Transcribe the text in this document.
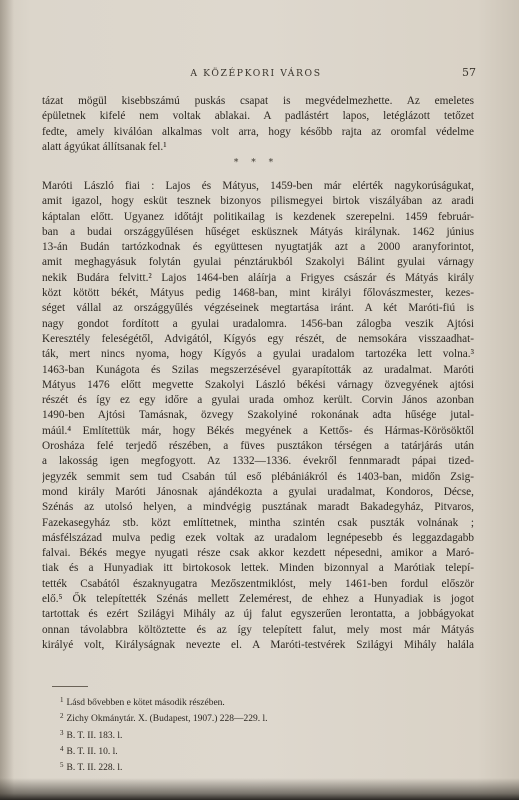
A KÖZÉPKORI VÁROS	57
tázat mögül kisebbszámú puskás csapat is megvédelmezhette. Az emeletes
épületnek kifelé nem voltak ablakai. A padlástért lapos, letéglázott tetőzet
fedte, amely kiválóan alkalmas volt arra, hogy később rajta az oromfal védelme
alatt ágyúkat állítsanak fel.¹
* * *
Maróti László fiai : Lajos és Mátyus, 1459-ben már elérték nagykorúságukat,
amit igazol, hogy esküt tesznek bizonyos pilismegyei birtok viszályában az aradi
káptalan előtt. Ugyanez időtájt politikailag is kezdenek szerepelni. 1459 február-
ban a budai országgyűlésen hűséget esküsznek Mátyás királynak. 1462 június
13-án Budán tartózkodnak és együttesen nyugtatják azt a 2000 aranyforintot,
amit meghagyásuk folytán gyulai pénztárukból Szakolyi Bálint gyulai várnagy
nekik Budára felvitt.² Lajos 1464-ben aláírja a Frigyes császár és Mátyás király
közt kötött békét, Mátyus pedig 1468-ban, mint királyi főlovászmester, kezes-
séget vállal az országgyűlés végzéseinek megtartása iránt. A két Maróti-fiú is
nagy gondot fordított a gyulai uradalomra. 1456-ban zálogba veszik Ajtósi
Keresztély feleségétől, Advigától, Kígyós egy részét, de nemsokára visszaadhat-
ták, mert nincs nyoma, hogy Kígyós a gyulai uradalom tartozéka lett volna.³
1463-ban Kunágota és Szilas megszerzésével gyarapították az uradalmat. Maróti
Mátyus 1476 előtt megvette Szakolyi László békési várnagy özvegyének ajtósi
részét és így ez egy időre a gyulai urada omhoz került. Corvin János azonban
1490-ben Ajtósi Tamásnak, özvegy Szakolyiné rokonának adta hűsége jutal-
máúl.⁴ Említettük már, hogy Békés megyének a Kettős- és Hármas-Körösöktől
Orosháza felé terjedő részében, a füves pusztákon térségen a tatárjárás után
a lakosság igen megfogyott. Az 1332—1336. évekről fennmaradt pápai tized-
jegyzék semmit sem tud Csabán túl eső plébániákról és 1403-ban, midőn Zsig-
mond király Maróti Jánosnak ajándékozta a gyulai uradalmat, Kondoros, Décse,
Szénás az utolsó helyen, a mindvégig pusztának maradt Bakadegyház, Pitvaros,
Fazekasegyház stb. közt említtetnek, mintha szintén csak puszták volnának ;
másfélszázad mulva pedig ezek voltak az uradalom legnépesebb és leggazdagabb
falvai. Békés megye nyugati része csak akkor kezdett népesedni, amikor a Maró-
tiak és a Hunyadiak itt birtokosok lettek. Minden bizonnyal a Marótiak telepí-
tették Csabától északnyugatra Mezőszentmiklóst, mely 1461-ben fordul először
elő.⁵ Ők telepítették Szénás mellett Zelemérest, de ehhez a Hunyadiak is jogot
tartottak és ezért Szilágyi Mihály az új falut egyszerűen lerontatta, a jobbágyokat
onnan távolabbra költöztette és az így telepített falut, mely most már Mátyás
királyé volt, Királyságnak nevezte el. A Maróti-testvérek Szilágyi Mihály halála
$^1$ Lásd bővebben e kötet második részében.
$^2$ Zichy Okmánytár. X. (Budapest, 1907.) 228—229. l.
$^3$ B. T. II. 183. l.
$^4$ B. T. II. 10. l.
$^5$ B. T. II. 228. l.
